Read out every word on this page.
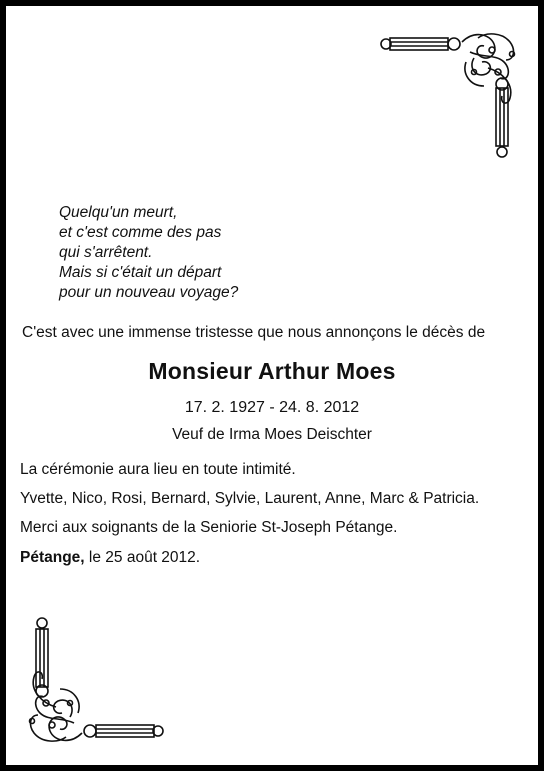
Quelqu'un meurt,
et c'est comme des pas
qui s'arrêtent.
Mais si c'était un départ
pour un nouveau voyage?
C'est avec une immense tristesse que nous annonçons le décès de
Monsieur Arthur Moes
17. 2. 1927 - 24. 8. 2012
Veuf de Irma Moes Deischter
La cérémonie aura lieu en toute intimité.
Yvette, Nico, Rosi, Bernard, Sylvie, Laurent, Anne, Marc & Patricia.
Merci aux soignants de la Seniorie St-Joseph Pétange.
Pétange, le 25 août 2012.
